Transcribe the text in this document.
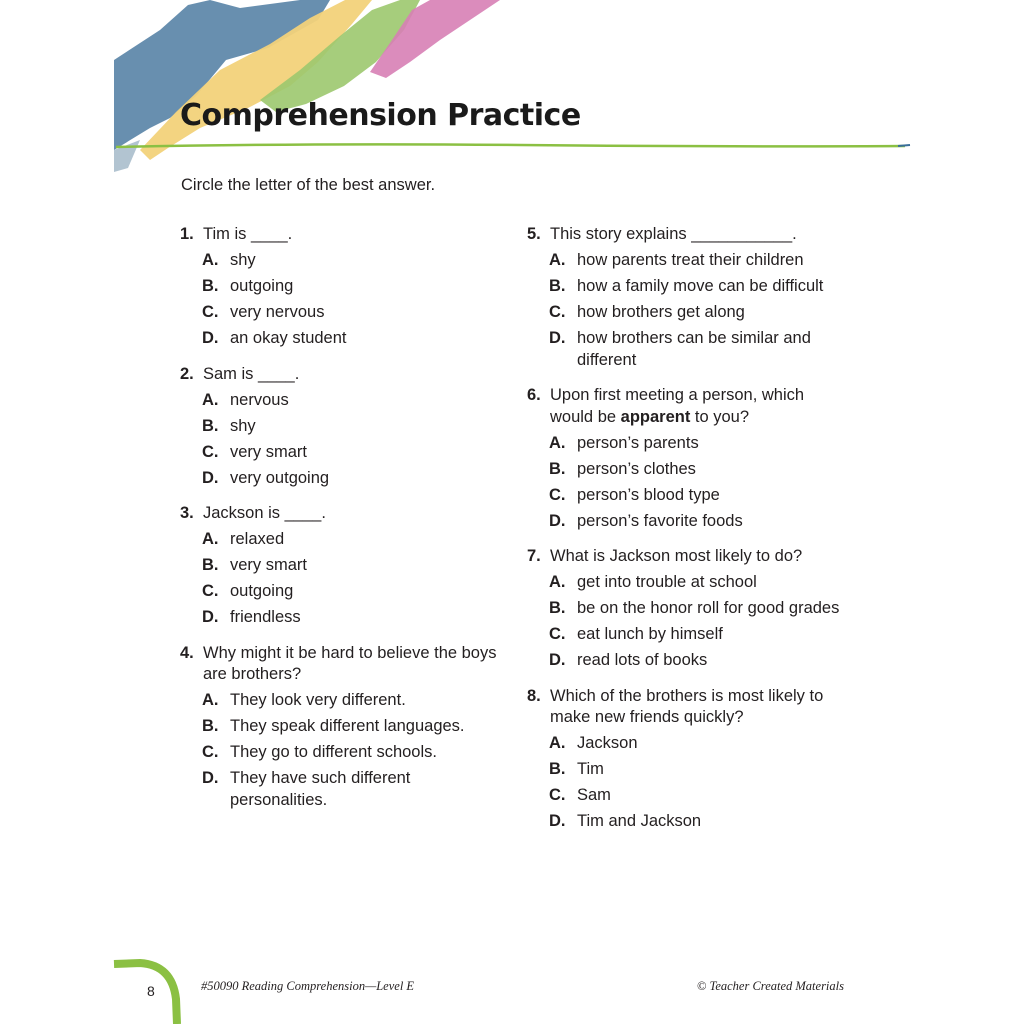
Comprehension Practice

Circle the letter of the best answer.

1. Tim is ____.
A. shy
B. outgoing
C. very nervous
D. an okay student
2. Sam is ____.
A. nervous
B. shy
C. very smart
D. very outgoing
3. Jackson is ____.
A. relaxed
B. very smart
C. outgoing
D. friendless
4. Why might it be hard to believe the boys are brothers?
A. They look very different.
B. They speak different languages.
C. They go to different schools.
D. They have such different personalities.
5. This story explains ___________.
A. how parents treat their children
B. how a family move can be difficult
C. how brothers get along
D. how brothers can be similar and different
6. Upon first meeting a person, which would be apparent to you?
A. person’s parents
B. person’s clothes
C. person’s blood type
D. person’s favorite foods
7. What is Jackson most likely to do?
A. get into trouble at school
B. be on the honor roll for good grades
C. eat lunch by himself
D. read lots of books
8. Which of the brothers is most likely to make new friends quickly?
A. Jackson
B. Tim
C. Sam
D. Tim and Jackson

8	#50090 Reading Comprehension—Level E	© Teacher Created Materials
